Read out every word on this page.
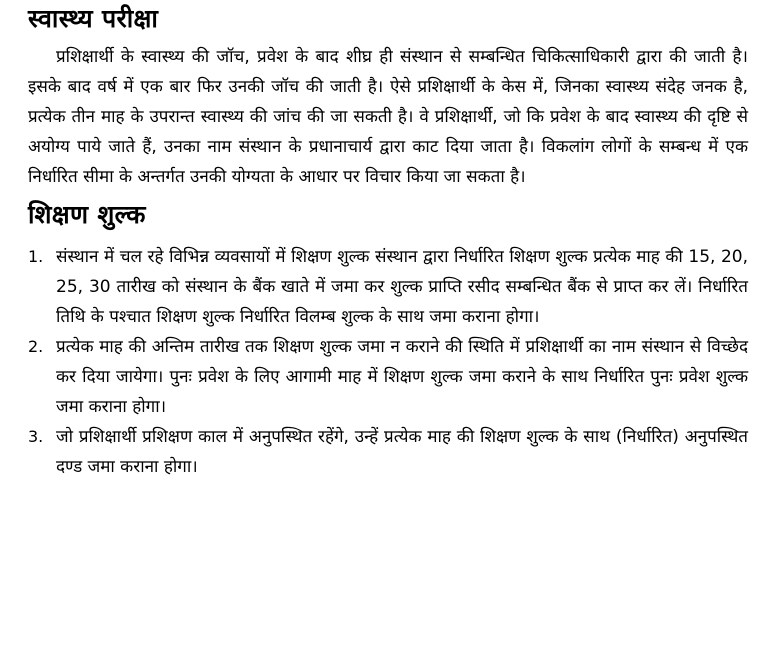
स्वास्थ्य परीक्षा

प्रशिक्षार्थी के स्वास्थ्य की जॉच, प्रवेश के बाद शीघ्र ही संस्थान से सम्बन्धित चिकित्साधिकारी द्वारा की जाती है। इसके बाद वर्ष में एक बार फिर उनकी जॉच की जाती है। ऐसे प्रशिक्षार्थी के केस में, जिनका स्वास्थ्य संदेह जनक है, प्रत्येक तीन माह के उपरान्त स्वास्थ्य की जांच की जा सकती है। वे प्रशिक्षार्थी, जो कि प्रवेश के बाद स्वास्थ्य की दृष्टि से अयोग्य पाये जाते हैं, उनका नाम संस्थान के प्रधानाचार्य द्वारा काट दिया जाता है। विकलांग लोगों के सम्बन्ध में एक निर्धारित सीमा के अन्तर्गत उनकी योग्यता के आधार पर विचार किया जा सकता है।

शिक्षण शुल्क
1. संस्थान में चल रहे विभिन्न व्यवसायों में शिक्षण शुल्क संस्थान द्वारा निर्धारित शिक्षण शुल्क प्रत्येक माह की 15, 20, 25, 30 तारीख को संस्थान के बैंक खाते में जमा कर शुल्क प्राप्ति रसीद सम्बन्धित बैंक से प्राप्त कर लें। निर्धारित तिथि के पश्चात शिक्षण शुल्क निर्धारित विलम्ब शुल्क के साथ जमा कराना होगा।

2. प्रत्येक माह की अन्तिम तारीख तक शिक्षण शुल्क जमा न कराने की स्थिति में प्रशिक्षार्थी का नाम संस्थान से विच्छेद कर दिया जायेगा। पुनः प्रवेश के लिए आगामी माह में शिक्षण शुल्क जमा कराने के साथ निर्धारित पुनः प्रवेश शुल्क जमा कराना होगा।

3. जो प्रशिक्षार्थी प्रशिक्षण काल में अनुपस्थित रहेंगे, उन्हें प्रत्येक माह की शिक्षण शुल्क के साथ (निर्धारित) अनुपस्थित दण्ड जमा कराना होगा।
